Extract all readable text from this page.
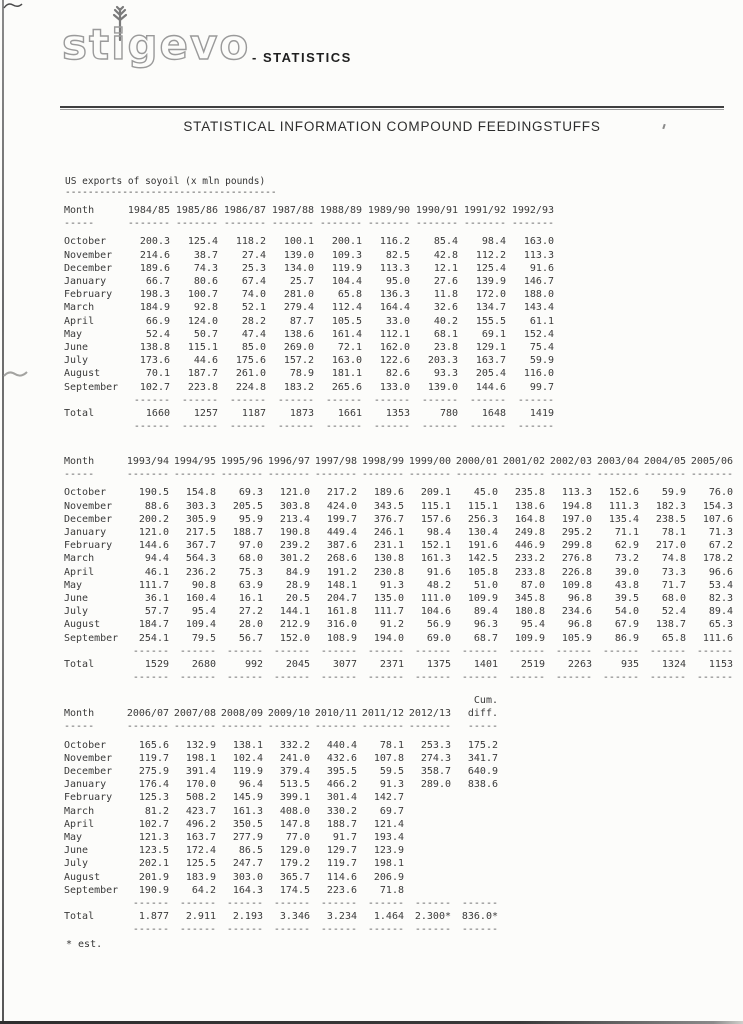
stigevo - STATISTICS
STATISTICAL INFORMATION COMPOUND FEEDINGSTUFFS
US exports of soyoil (x mln pounds)
-------------------------------------
Month	1984/85	1985/86	1986/87	1987/88	1988/89	1989/90	1990/91	1991/92	1992/93
-----	-------	-------	-------	-------	-------	-------	-------	-------	-------
October	200.3	125.4	118.2	100.1	200.1	116.2	85.4	98.4	163.0
November	214.6	38.7	27.4	139.0	109.3	82.5	42.8	112.2	113.3
December	189.6	74.3	25.3	134.0	119.9	113.3	12.1	125.4	91.6
January	66.7	80.6	67.4	25.7	104.4	95.0	27.6	139.9	146.7
February	198.3	100.7	74.0	281.0	65.8	136.3	11.8	172.0	188.0
March	184.9	92.8	52.1	279.4	112.4	164.4	32.6	134.7	143.4
April	66.9	124.0	28.2	87.7	105.5	33.0	40.2	155.5	61.1
May	52.4	50.7	47.4	138.6	161.4	112.1	68.1	69.1	152.4
June	138.8	115.1	85.0	269.0	72.1	162.0	23.8	129.1	75.4
July	173.6	44.6	175.6	157.2	163.0	122.6	203.3	163.7	59.9
August	70.1	187.7	261.0	78.9	181.1	82.6	93.3	205.4	116.0
September	102.7	223.8	224.8	183.2	265.6	133.0	139.0	144.6	99.7
	------	------	------	------	------	------	------	------	------
Total	1660	1257	1187	1873	1661	1353	780	1648	1419
	------	------	------	------	------	------	------	------	------
Month	1993/94	1994/95	1995/96	1996/97	1997/98	1998/99	1999/00	2000/01	2001/02	2002/03	2003/04	2004/05	2005/06
-----	-------	-------	-------	-------	-------	-------	-------	-------	-------	-------	-------	-------	-------
October	190.5	154.8	69.3	121.0	217.2	189.6	209.1	45.0	235.8	113.3	152.6	59.9	76.0
November	88.6	303.3	205.5	303.8	424.0	343.5	115.1	115.1	138.6	194.8	111.3	182.3	154.3
December	200.2	305.9	95.9	213.4	199.7	376.7	157.6	256.3	164.8	197.0	135.4	238.5	107.6
January	121.0	217.5	188.7	190.8	449.4	246.1	98.4	130.4	249.8	295.2	71.1	78.1	71.3
February	144.6	367.7	97.0	239.2	387.6	231.1	152.1	191.6	446.9	299.8	62.9	217.0	67.2
March	94.4	564.3	68.0	301.2	268.6	130.8	161.3	142.5	233.2	276.8	73.2	74.8	178.2
April	46.1	236.2	75.3	84.9	191.2	230.8	91.6	105.8	233.8	226.8	39.0	73.3	96.6
May	111.7	90.8	63.9	28.9	148.1	91.3	48.2	51.0	87.0	109.8	43.8	71.7	53.4
June	36.1	160.4	16.1	20.5	204.7	135.0	111.0	109.9	345.8	96.8	39.5	68.0	82.3
July	57.7	95.4	27.2	144.1	161.8	111.7	104.6	89.4	180.8	234.6	54.0	52.4	89.4
August	184.7	109.4	28.0	212.9	316.0	91.2	56.9	96.3	95.4	96.8	67.9	138.7	65.3
September	254.1	79.5	56.7	152.0	108.9	194.0	69.0	68.7	109.9	105.9	86.9	65.8	111.6
	------	------	------	------	------	------	------	------	------	------	------	------	------
Total	1529	2680	992	2045	3077	2371	1375	1401	2519	2263	935	1324	1153
	------	------	------	------	------	------	------	------	------	------	------	------	------
								Cum.
Month	2006/07	2007/08	2008/09	2009/10	2010/11	2011/12	2012/13	diff.
-----	-------	-------	-------	-------	-------	-------	-------	-----
October	165.6	132.9	138.1	332.2	440.4	78.1	253.3	175.2
November	119.7	198.1	102.4	241.0	432.6	107.8	274.3	341.7
December	275.9	391.4	119.9	379.4	395.5	59.5	358.7	640.9
January	176.4	170.0	96.4	513.5	466.2	91.3	289.0	838.6
February	125.3	508.2	145.9	399.1	301.4	142.7		
March	81.2	423.7	161.3	408.0	330.2	69.7		
April	102.7	496.2	350.5	147.8	188.7	121.4		
May	121.3	163.7	277.9	77.0	91.7	193.4		
June	123.5	172.4	86.5	129.0	129.7	123.9		
July	202.1	125.5	247.7	179.2	119.7	198.1		
August	201.9	183.9	303.0	365.7	114.6	206.9		
September	190.9	64.2	164.3	174.5	223.6	71.8		
	------	------	------	------	------	------	------	------
Total	1.877	2.911	2.193	3.346	3.234	1.464	2.300*	836.0*
	------	------	------	------	------	------	------	------
* est.
